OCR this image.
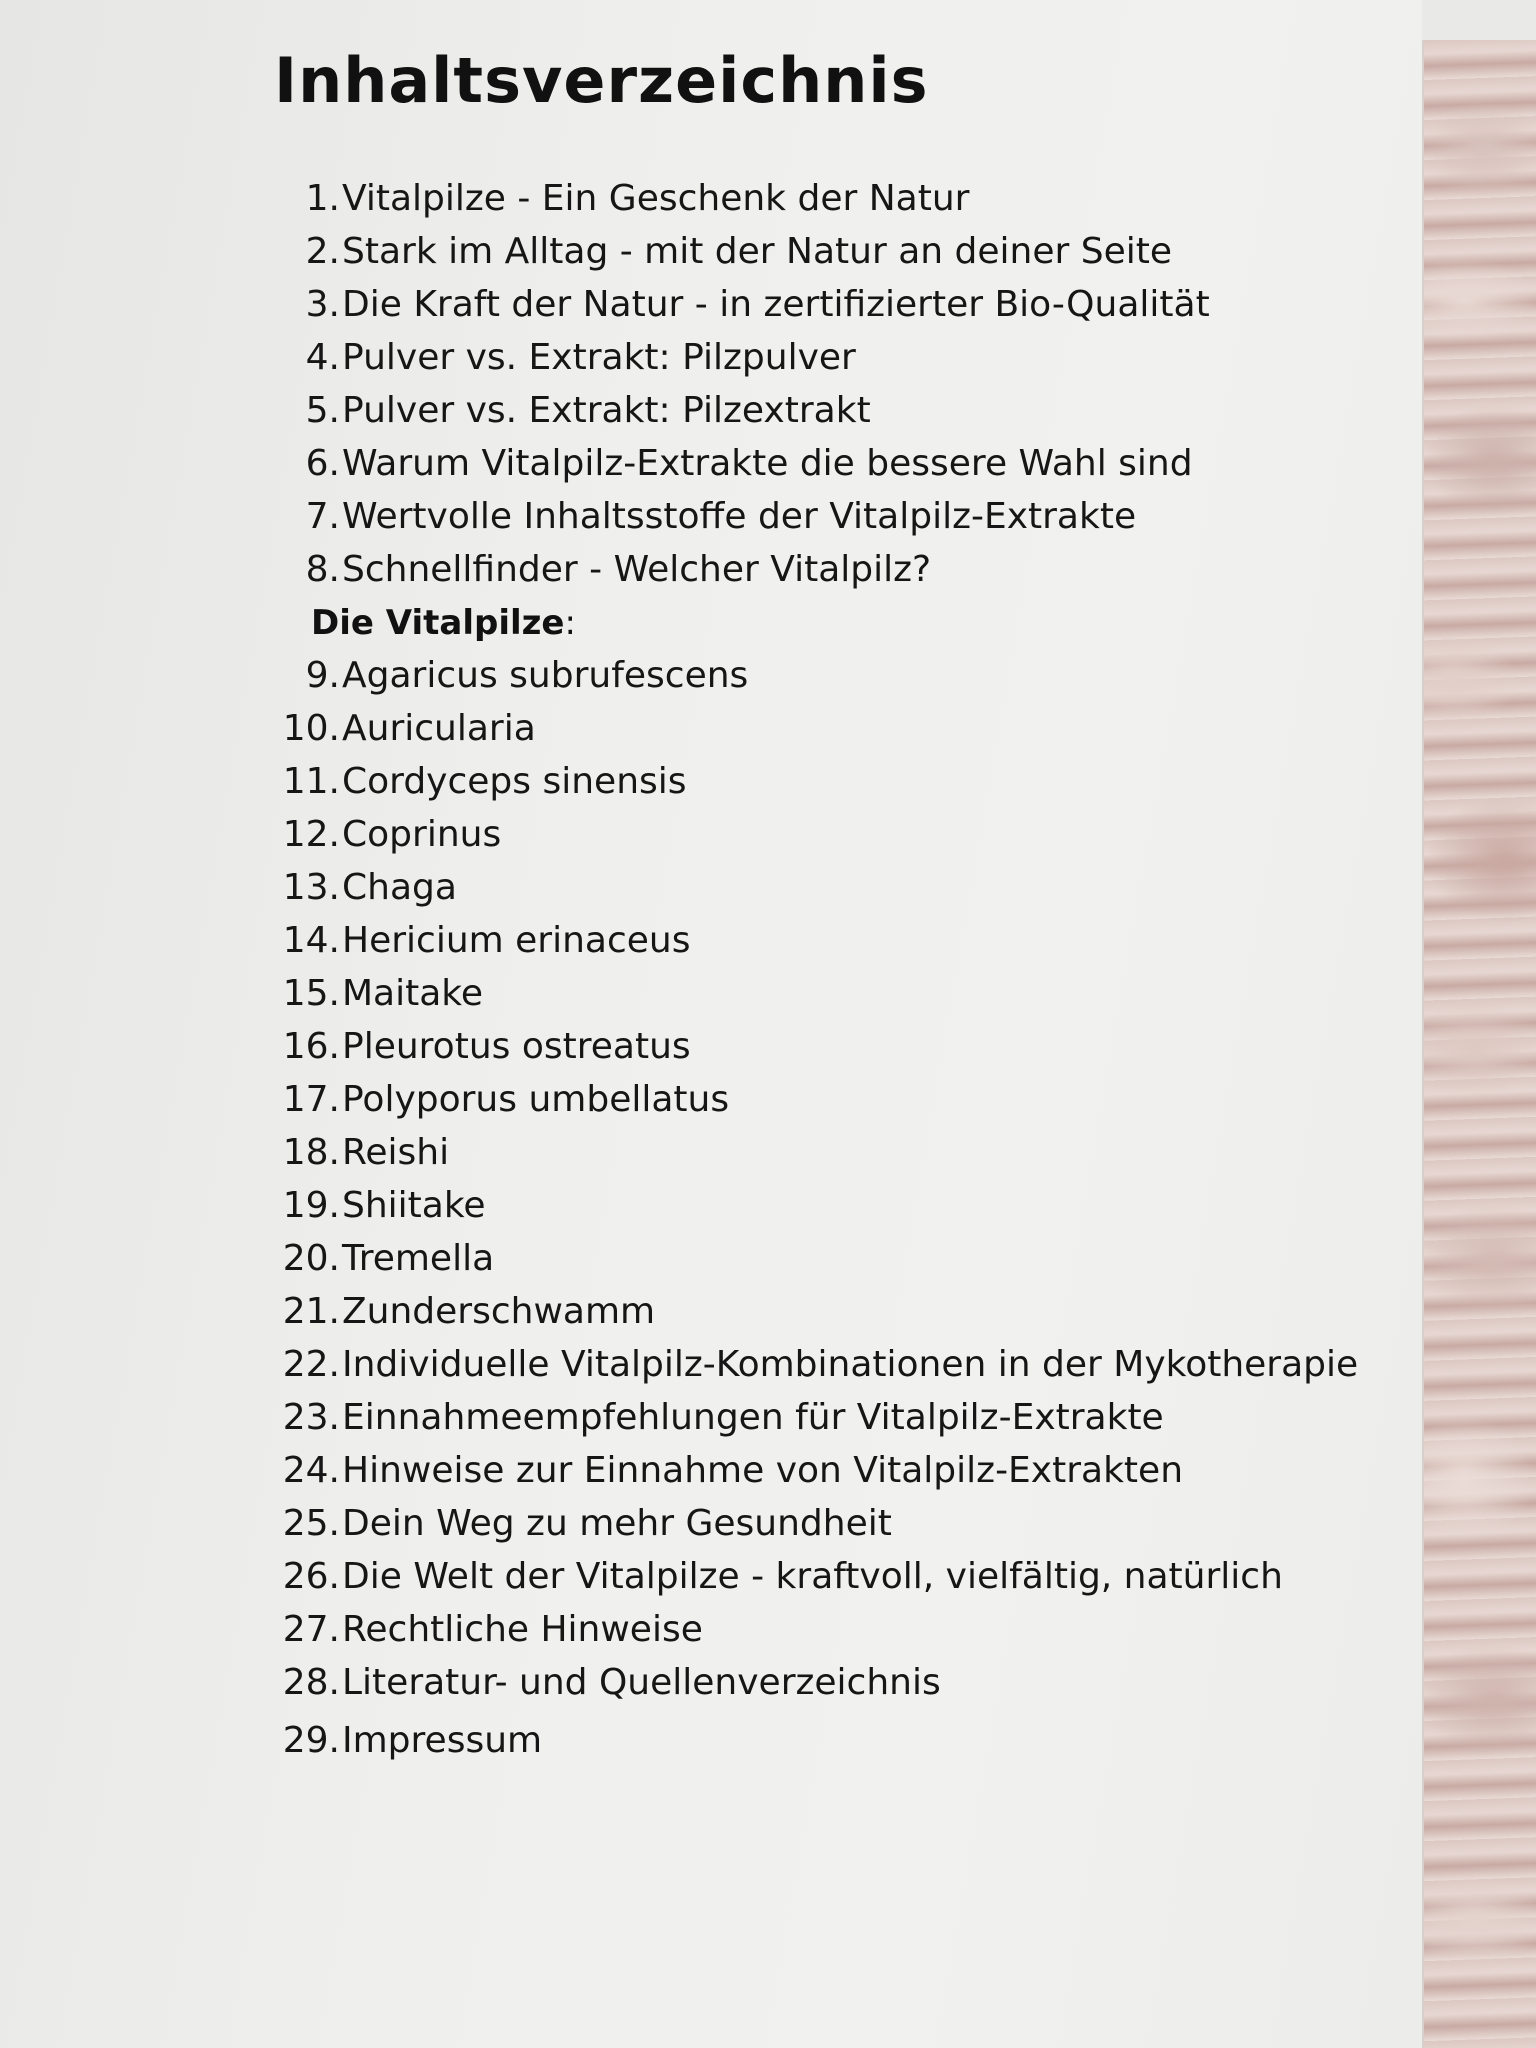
Inhaltsverzeichnis
Die Vitalpilze:
1. Vitalpilze - Ein Geschenk der Natur
2. Stark im Alltag - mit der Natur an deiner Seite
3. Die Kraft der Natur - in zertifizierter Bio-Qualität
4. Pulver vs. Extrakt: Pilzpulver
5. Pulver vs. Extrakt: Pilzextrakt
6. Warum Vitalpilz-Extrakte die bessere Wahl sind
7. Wertvolle Inhaltsstoffe der Vitalpilz-Extrakte
8. Schnellfinder - Welcher Vitalpilz?
9. Agaricus subrufescens
10. Auricularia
11. Cordyceps sinensis
12. Coprinus
13. Chaga
14. Hericium erinaceus
15. Maitake
16. Pleurotus ostreatus
17. Polyporus umbellatus
18. Reishi
19. Shiitake
20. Tremella
21. Zunderschwamm
22. Individuelle Vitalpilz-Kombinationen in der Mykotherapie
23. Einnahmeempfehlungen für Vitalpilz-Extrakte
24. Hinweise zur Einnahme von Vitalpilz-Extrakten
25. Dein Weg zu mehr Gesundheit
26. Die Welt der Vitalpilze - kraftvoll, vielfältig, natürlich
27. Rechtliche Hinweise
28. Literatur- und Quellenverzeichnis
29. Impressum
